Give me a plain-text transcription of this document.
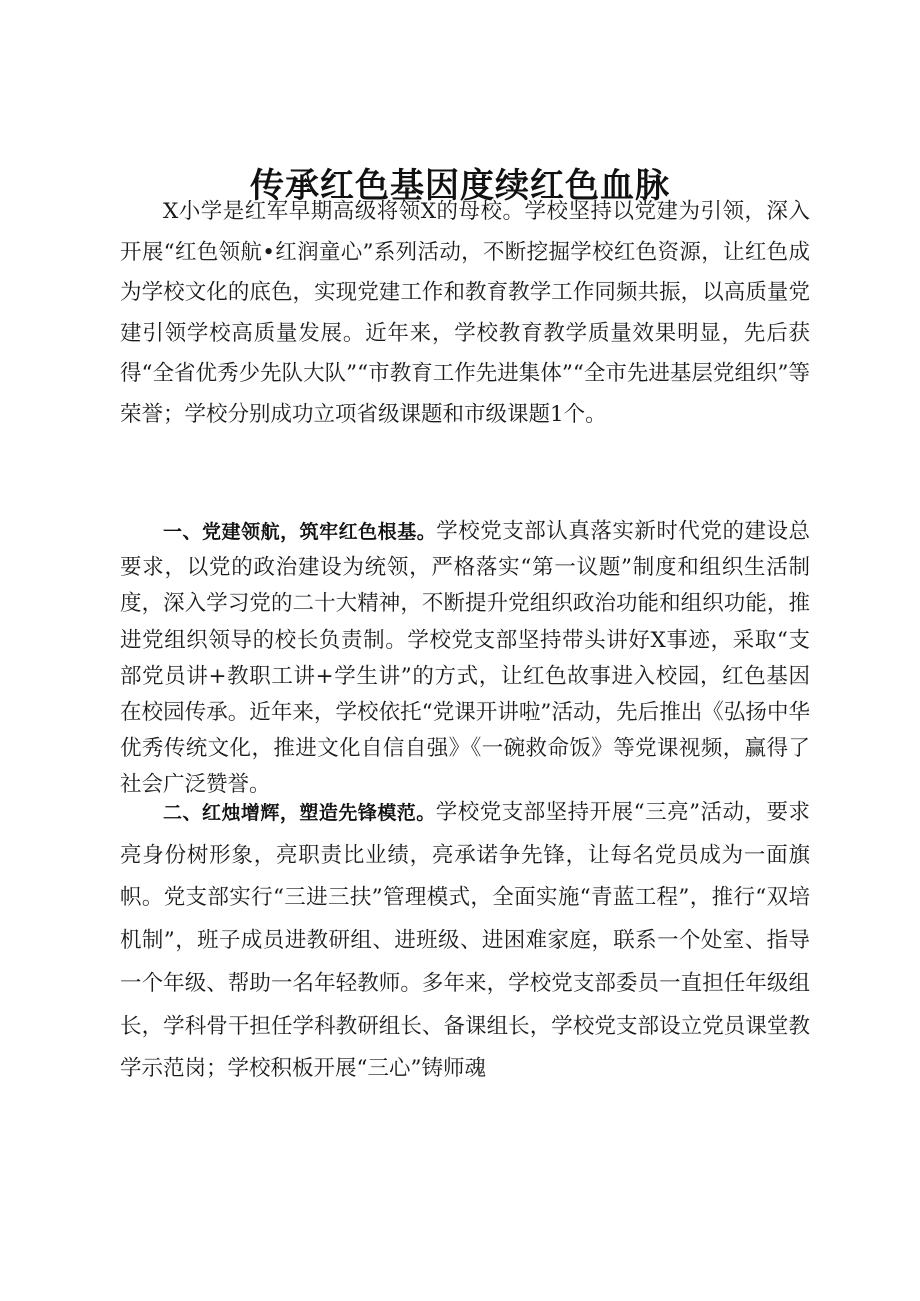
传承红色基因度续红色血脉

X小学是红军早期高级将领X的母校。学校坚持以党建为引领，深入开展“红色领航•红润童心”系列活动，不断挖掘学校红色资源，让红色成为学校文化的底色，实现党建工作和教育教学工作同频共振，以高质量党建引领学校高质量发展。近年来，学校教育教学质量效果明显，先后获得“全省优秀少先队大队”“市教育工作先进集体”“全市先进基层党组织”等荣誉；学校分别成功立项省级课题和市级课题1个。

一、党建领航，筑牢红色根基。学校党支部认真落实新时代党的建设总要求，以党的政治建设为统领，严格落实“第一议题”制度和组织生活制度，深入学习党的二十大精神，不断提升党组织政治功能和组织功能，推进党组织领导的校长负责制。学校党支部坚持带头讲好X事迹，采取“支部党员讲+教职工讲+学生讲”的方式，让红色故事进入校园，红色基因在校园传承。近年来，学校依托“党课开讲啦”活动，先后推出《弘扬中华优秀传统文化，推进文化自信自强》《一碗救命饭》等党课视频，赢得了社会广泛赞誉。

二、红烛增辉，塑造先锋模范。学校党支部坚持开展“三亮”活动，要求亮身份树形象，亮职责比业绩，亮承诺争先锋，让每名党员成为一面旗帜。党支部实行“三进三扶”管理模式，全面实施“青蓝工程”，推行“双培机制”，班子成员进教研组、进班级、进困难家庭，联系一个处室、指导一个年级、帮助一名年轻教师。多年来，学校党支部委员一直担任年级组长，学科骨干担任学科教研组长、备课组长，学校党支部设立党员课堂教学示范岗；学校积板开展“三心”铸师魂
